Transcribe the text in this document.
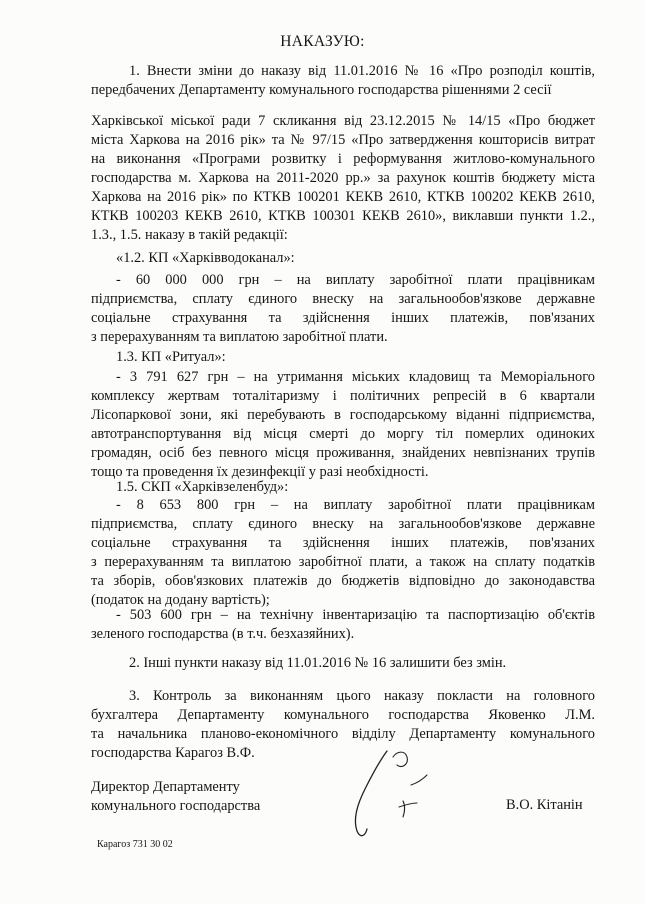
НАКАЗУЮ:
1. Внести зміни до наказу від 11.01.2016 № 16 «Про розподіл коштів,
передбачених Департаменту комунального господарства рішеннями 2 сесії
Харківської міської ради 7 скликання від 23.12.2015 № 14/15 «Про бюджет
міста Харкова на 2016 рік» та № 97/15 «Про затвердження кошторисів витрат
на виконання «Програми розвитку і реформування житлово-комунального
господарства м. Харкова на 2011-2020 рр.» за рахунок коштів бюджету міста
Харкова на 2016 рік» по КТКВ 100201 КЕКВ 2610, КТКВ 100202 КЕКВ 2610,
КТКВ 100203 КЕКВ 2610, КТКВ 100301 КЕКВ 2610», виклавши пункти 1.2.,
1.3., 1.5. наказу в такій редакції:
«1.2. КП «Харківводоканал»:
- 60 000 000 грн – на виплату заробітної плати працівникам
підприємства, сплату єдиного внеску на загальнообов'язкове державне
соціальне страхування та здійснення інших платежів, пов'язаних
з перерахуванням та виплатою заробітної плати.
1.3. КП «Ритуал»:
- 3 791 627 грн – на утримання міських кладовищ та Меморіального
комплексу жертвам тоталітаризму і політичних репресій в 6 квартали
Лісопаркової зони, які перебувають в господарському віданні підприємства,
автотранспортування від місця смерті до моргу тіл померлих одиноких
громадян, осіб без певного місця проживання, знайдених невпізнаних трупів
тощо та проведення їх дезинфекції у разі необхідності.
1.5. СКП «Харківзеленбуд»:
- 8 653 800 грн – на виплату заробітної плати працівникам
підприємства, сплату єдиного внеску на загальнообов'язкове державне
соціальне страхування та здійснення інших платежів, пов'язаних
з перерахуванням та виплатою заробітної плати, а також на сплату податків
та зборів, обов'язкових платежів до бюджетів відповідно до законодавства
(податок на додану вартість);
- 503 600 грн – на технічну інвентаризацію та паспортизацію об'єктів
зеленого господарства (в т.ч. безхазяйних).
2. Інші пункти наказу від 11.01.2016 № 16 залишити без змін.
3. Контроль за виконанням цього наказу покласти на головного
бухгалтера Департаменту комунального господарства Яковенко Л.М.
та начальника планово-економічного відділу Департаменту комунального
господарства Карагоз В.Ф.
Директор Департаменту
комунального господарства	В.О. Кітанін
Карагоз 731 30 02
